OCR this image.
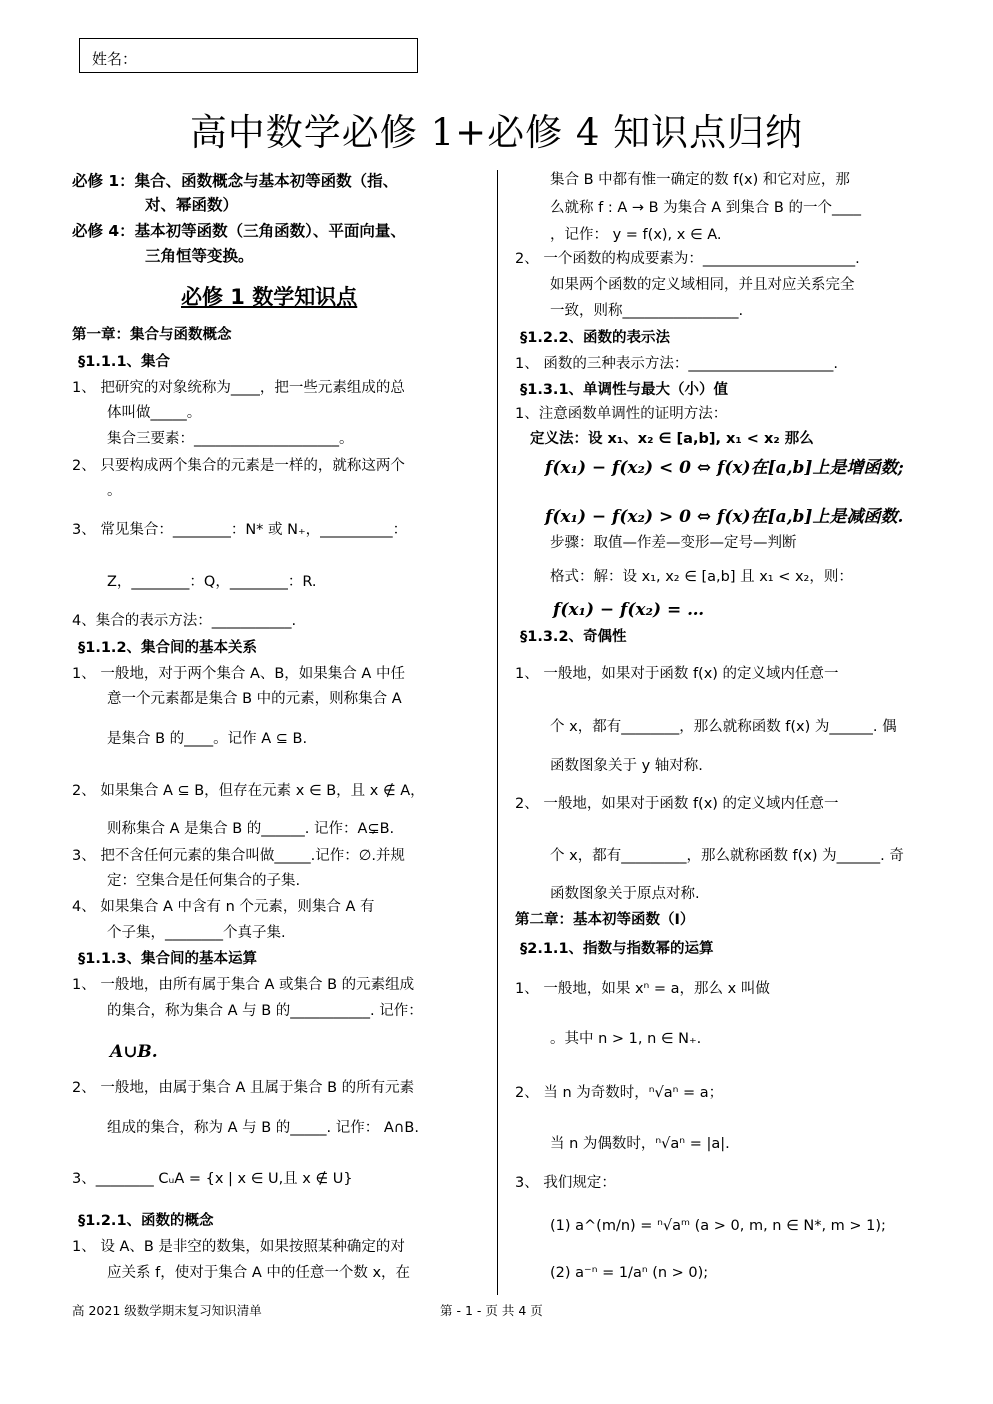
姓名：
高中数学必修 1+必修 4 知识点归纳
必修 1：集合、函数概念与基本初等函数（指、
对、幂函数）
必修 4：基本初等函数（三角函数）、平面向量、
三角恒等变换。
必修 1 数学知识点
第一章：集合与函数概念
§1.1.1、集合
1、 把研究的对象统称为____，把一些元素组成的总
体叫做_____。
集合三要素：____________________。
2、 只要构成两个集合的元素是一样的，就称这两个
。
3、 常见集合：________：N* 或 N₊，__________：
Z，________：Q，________：R.
4、集合的表示方法：___________.
§1.1.2、集合间的基本关系
1、 一般地，对于两个集合 A、B，如果集合 A 中任
意一个元素都是集合 B 中的元素，则称集合 A
是集合 B 的____。记作 A ⊆ B.
2、 如果集合 A ⊆ B，但存在元素 x ∈ B，且 x ∉ A，
则称集合 A 是集合 B 的______. 记作：A⊊B.
3、 把不含任何元素的集合叫做_____.记作：∅.并规
定：空集合是任何集合的子集.
4、 如果集合 A 中含有 n 个元素，则集合 A 有
个子集，________个真子集.
§1.1.3、集合间的基本运算
1、 一般地，由所有属于集合 A 或集合 B 的元素组成
的集合，称为集合 A 与 B 的___________. 记作：
A∪B.
2、 一般地，由属于集合 A 且属于集合 B 的所有元素
组成的集合，称为 A 与 B 的_____. 记作： A∩B.
3、________ CᵤA = {x | x ∈ U,且 x ∉ U}
§1.2.1、函数的概念
1、 设 A、B 是非空的数集，如果按照某种确定的对
应关系 f，使对于集合 A 中的任意一个数 x，在
集合 B 中都有惟一确定的数 f(x) 和它对应，那
么就称 f : A → B 为集合 A 到集合 B 的一个____
，记作： y = f(x), x ∈ A.
2、 一个函数的构成要素为：_____________________.
如果两个函数的定义域相同，并且对应关系完全
一致，则称________________.
§1.2.2、函数的表示法
1、 函数的三种表示方法：____________________.
§1.3.1、单调性与最大（小）值
1、注意函数单调性的证明方法：
定义法：设 x₁、x₂ ∈ [a,b], x₁ < x₂ 那么
f(x₁) − f(x₂) < 0 ⇔ f(x)在[a,b]上是增函数;
f(x₁) − f(x₂) > 0 ⇔ f(x)在[a,b]上是减函数.
步骤：取值—作差—变形—定号—判断
格式：解：设 x₁, x₂ ∈ [a,b] 且 x₁ < x₂，则：
f(x₁) − f(x₂) = …
§1.3.2、奇偶性
1、 一般地，如果对于函数 f(x) 的定义域内任意一
个 x，都有________，那么就称函数 f(x) 为______. 偶
函数图象关于 y 轴对称.
2、 一般地，如果对于函数 f(x) 的定义域内任意一
个 x，都有_________，那么就称函数 f(x) 为______. 奇
函数图象关于原点对称.
第二章：基本初等函数（Ⅰ）
§2.1.1、指数与指数幂的运算
1、 一般地，如果 xⁿ = a，那么 x 叫做
。其中 n > 1, n ∈ N₊.
2、 当 n 为奇数时，ⁿ√aⁿ = a；
当 n 为偶数时，ⁿ√aⁿ = |a|.
3、 我们规定：
(1) a^(m/n) = ⁿ√aᵐ (a > 0, m, n ∈ N*, m > 1);
(2) a⁻ⁿ = 1/aⁿ (n > 0);
高 2021 级数学期末复习知识清单	第 - 1 - 页 共 4 页
